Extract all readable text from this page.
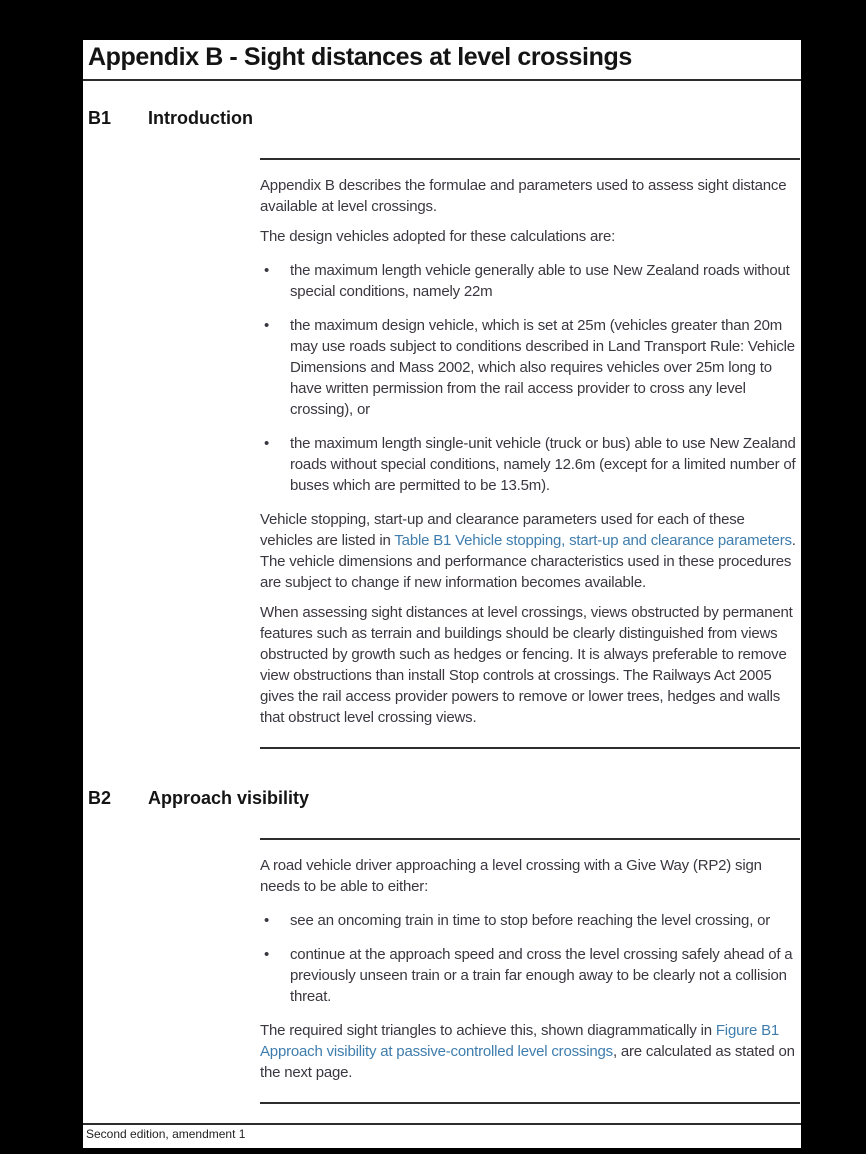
Appendix B - Sight distances at level crossings
B1	Introduction

Appendix B describes the formulae and parameters used to assess sight distance available at level crossings.

The design vehicles adopted for these calculations are:

•	the maximum length vehicle generally able to use New Zealand roads without special conditions, namely 22m
•	the maximum design vehicle, which is set at 25m (vehicles greater than 20m may use roads subject to conditions described in Land Transport Rule: Vehicle Dimensions and Mass 2002, which also requires vehicles over 25m long to have written permission from the rail access provider to cross any level crossing), or
•	the maximum length single-unit vehicle (truck or bus) able to use New Zealand roads without special conditions, namely 12.6m (except for a limited number of buses which are permitted to be 13.5m).

Vehicle stopping, start-up and clearance parameters used for each of these vehicles are listed in Table B1 Vehicle stopping, start-up and clearance parameters. The vehicle dimensions and performance characteristics used in these procedures are subject to change if new information becomes available.

When assessing sight distances at level crossings, views obstructed by permanent features such as terrain and buildings should be clearly distinguished from views obstructed by growth such as hedges or fencing. It is always preferable to remove view obstructions than install Stop controls at crossings. The Railways Act 2005 gives the rail access provider powers to remove or lower trees, hedges and walls that obstruct level crossing views.

B2	Approach visibility

A road vehicle driver approaching a level crossing with a Give Way (RP2) sign needs to be able to either:

•	see an oncoming train in time to stop before reaching the level crossing, or
•	continue at the approach speed and cross the level crossing safely ahead of a previously unseen train or a train far enough away to be clearly not a collision threat.

The required sight triangles to achieve this, shown diagrammatically in Figure B1 Approach visibility at passive-controlled level crossings, are calculated as stated on the next page.

Second edition, amendment 1
